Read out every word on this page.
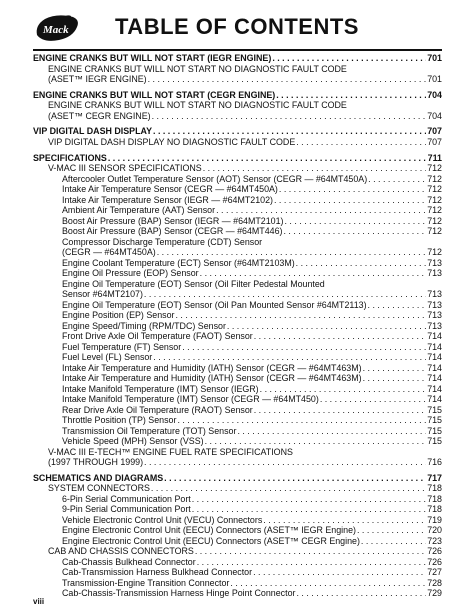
Mack TABLE OF CONTENTS
ENGINE CRANKS BUT WILL NOT START (IEGR ENGINE) . . .	701
ENGINE CRANKS BUT WILL NOT START NO DIAGNOSTIC FAULT CODE
(ASET™ IEGR ENGINE) . . .	701
ENGINE CRANKS BUT WILL NOT START (CEGR ENGINE) . . .	704
ENGINE CRANKS BUT WILL NOT START NO DIAGNOSTIC FAULT CODE
(ASET™ CEGR ENGINE) . . .	704
VIP DIGITAL DASH DISPLAY . . .	707
VIP DIGITAL DASH DISPLAY NO DIAGNOSTIC FAULT CODE . . .	707
SPECIFICATIONS . . .	711
V-MAC III SENSOR SPECIFICATIONS . . .	712
Aftercooler Outlet Temperature Sensor (AOT) Sensor (CEGR — #64MT450A) . . .	712
Intake Air Temperature Sensor (CEGR — #64MT450A) . . .	712
Intake Air Temperature Sensor (IEGR — #64MT2102) . . .	712
Ambient Air Temperature (AAT) Sensor . . .	712
Boost Air Pressure (BAP) Sensor (IEGR — #64MT2101) . . .	712
Boost Air Pressure (BAP) Sensor (CEGR — #64MT446) . . .	712
Compressor Discharge Temperature (CDT) Sensor
(CEGR — #64MT450A) . . .	712
Engine Coolant Temperature (ECT) Sensor (#64MT2103M) . . .	713
Engine Oil Pressure (EOP) Sensor . . .	713
Engine Oil Temperature (EOT) Sensor (Oil Filter Pedestal Mounted
Sensor #64MT2107) . . .	713
Engine Oil Temperature (EOT) Sensor (Oil Pan Mounted Sensor #64MT2113) . . .	713
Engine Position (EP) Sensor . . .	713
Engine Speed/Timing (RPM/TDC) Sensor . . .	713
Front Drive Axle Oil Temperature (FAOT) Sensor . . .	714
Fuel Temperature (FT) Sensor . . .	714
Fuel Level (FL) Sensor . . .	714
Intake Air Temperature and Humidity (IATH) Sensor (CEGR — #64MT463M) . . .	714
Intake Air Temperature and Humidity (IATH) Sensor (CEGR — #64MT463M) . . .	714
Intake Manifold Temperature (IMT) Sensor (IEGR) . . .	714
Intake Manifold Temperature (IMT) Sensor (CEGR — #64MT450) . . .	714
Rear Drive Axle Oil Temperature (RAOT) Sensor . . .	715
Throttle Position (TP) Sensor . . .	715
Transmission Oil Temperature (TOT) Sensor . . .	715
Vehicle Speed (MPH) Sensor (VSS) . . .	715
V-MAC III E-TECH™ ENGINE FUEL RATE SPECIFICATIONS
(1997 THROUGH 1999) . . .	716
SCHEMATICS AND DIAGRAMS . . .	717
SYSTEM CONNECTORS . . .	718
6-Pin Serial Communication Port . . .	718
9-Pin Serial Communication Port . . .	718
Vehicle Electronic Control Unit (VECU) Connectors . . .	719
Engine Electronic Control Unit (EECU) Connectors (ASET™ IEGR Engine) . . .	720
Engine Electronic Control Unit (EECU) Connectors (ASET™ CEGR Engine) . . .	723
CAB AND CHASSIS CONNECTORS . . .	726
Cab-Chassis Bulkhead Connector . . .	726
Cab-Transmission Harness Bulkhead Connector . . .	727
Transmission-Engine Transition Connector . . .	728
Cab-Chassis-Transmission Harness Hinge Point Connector . . .	729
viii
